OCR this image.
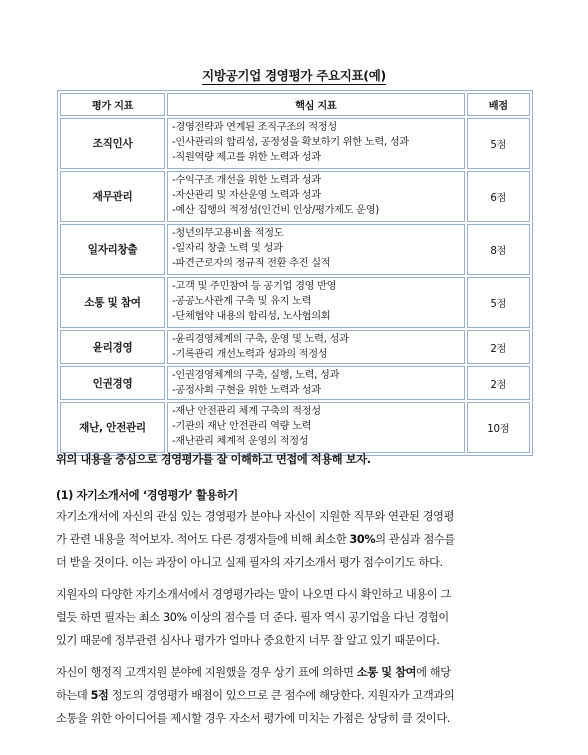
지방공기업 경영평가 주요지표(예)
평가 지표	핵심 지표	배점
조직인사	-경영전략과 연계된 조직구조의 적정성
-인사관리의 합리성, 공정성을 확보하기 위한 노력, 성과
-직원역량 제고를 위한 노력과 성과	5점
재무관리	-수익구조 개선을 위한 노력과 성과
-자산관리 및 자산운영 노력과 성과
-예산 집행의 적정성(인건비 인상/평가제도 운영)	6점
일자리창출	-청년의무고용비율 적정도
-일자리 창출 노력 및 성과
-파견근로자의 정규직 전환 추진 실적	8점
소통 및 참여	-고객 및 주민참여 등 공기업 경영 반영
-공공노사관계 구축 및 유지 노력
-단체협약 내용의 합리성, 노사협의회	5점
윤리경영	-윤리경영체계의 구축, 운영 및 노력, 성과
-기록관리 개선노력과 성과의 적정성	2점
인권경영	-인권경영체계의 구축, 실행, 노력, 성과
-공정사회 구현을 위한 노력과 성과	2점
재난, 안전관리	-재난 안전관리 체계 구축의 적정성
-기관의 재난 안전관리 역량 노력
-재난관리 체계적 운영의 적정성	10점
위의 내용을 중심으로 경영평가를 잘 이해하고 면접에 적용해 보자.
(1) 자기소개서에 ‘경영평가’ 활용하기
자기소개서에 자신의 관심 있는 경영평가 분야나 자신이 지원한 직무와 연관된 경영평
가 관련 내용을 적어보자. 적어도 다른 경쟁자들에 비해 최소한 30%의 관심과 점수를
더 받을 것이다. 이는 과장이 아니고 실제 필자의 자기소개서 평가 점수이기도 하다.
지원자의 다양한 자기소개서에서 경영평가라는 말이 나오면 다시 확인하고 내용이 그
럴듯 하면 필자는 최소 30% 이상의 점수를 더 준다. 필자 역시 공기업을 다닌 경험이
있기 때문에 정부관련 심사나 평가가 얼마나 중요한지 너무 잘 알고 있기 때문이다.
자신이 행정직 고객지원 분야에 지원했을 경우 상기 표에 의하면 소통 및 참여에 해당
하는데 5점 정도의 경영평가 배점이 있으므로 큰 점수에 해당한다. 지원자가 고객과의
소통을 위한 아이디어를 제시할 경우 자소서 평가에 미치는 가점은 상당히 클 것이다.
